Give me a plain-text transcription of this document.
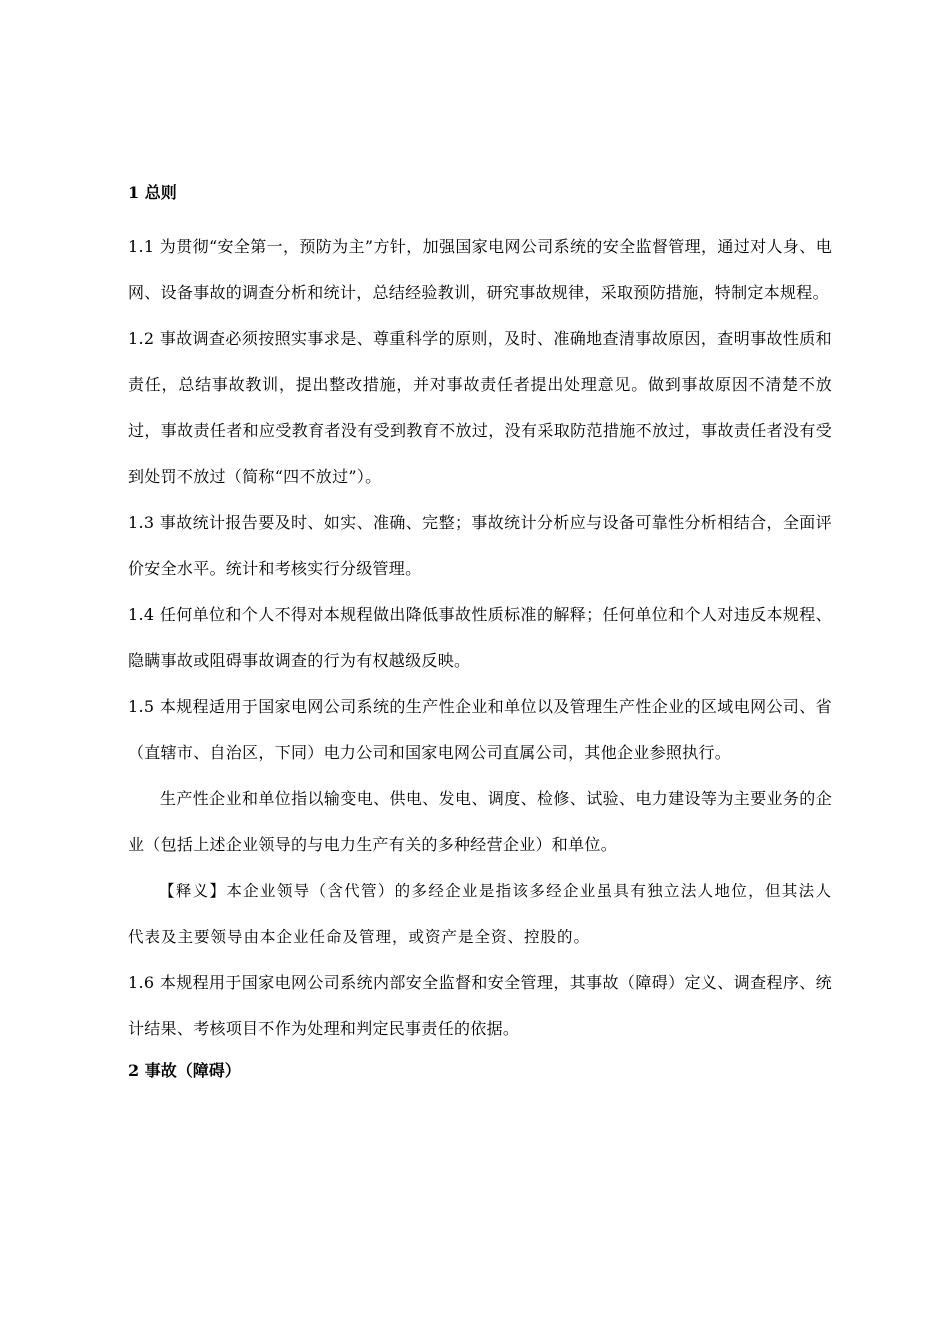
1 总则

1.1 为贯彻“安全第一，预防为主”方针，加强国家电网公司系统的安全监督管理，通过对人身、电网、设备事故的调查分析和统计，总结经验教训，研究事故规律，采取预防措施，特制定本规程。

1.2 事故调查必须按照实事求是、尊重科学的原则，及时、准确地查清事故原因，查明事故性质和责任，总结事故教训，提出整改措施，并对事故责任者提出处理意见。做到事故原因不清楚不放过，事故责任者和应受教育者没有受到教育不放过，没有采取防范措施不放过，事故责任者没有受到处罚不放过（简称“四不放过”）。

1.3 事故统计报告要及时、如实、准确、完整；事故统计分析应与设备可靠性分析相结合，全面评价安全水平。统计和考核实行分级管理。

1.4 任何单位和个人不得对本规程做出降低事故性质标准的解释；任何单位和个人对违反本规程、隐瞒事故或阻碍事故调查的行为有权越级反映。

1.5 本规程适用于国家电网公司系统的生产性企业和单位以及管理生产性企业的区域电网公司、省（直辖市、自治区，下同）电力公司和国家电网公司直属公司，其他企业参照执行。

生产性企业和单位指以输变电、供电、发电、调度、检修、试验、电力建设等为主要业务的企业（包括上述企业领导的与电力生产有关的多种经营企业）和单位。

【释义】本企业领导（含代管）的多经企业是指该多经企业虽具有独立法人地位，但其法人代表及主要领导由本企业任命及管理，或资产是全资、控股的。

1.6 本规程用于国家电网公司系统内部安全监督和安全管理，其事故（障碍）定义、调查程序、统计结果、考核项目不作为处理和判定民事责任的依据。

2 事故（障碍）
